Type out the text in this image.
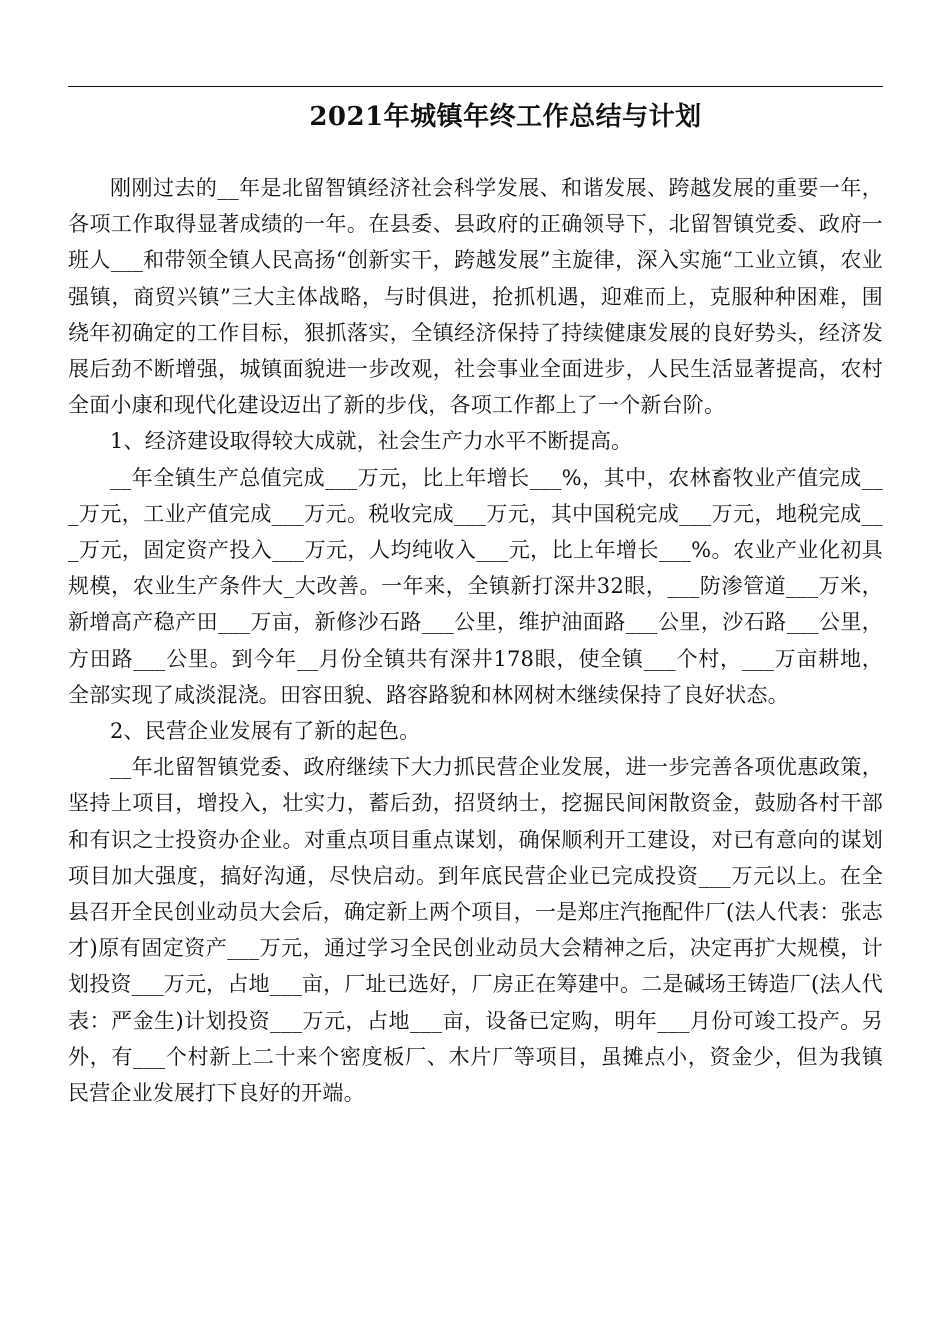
2021年城镇年终工作总结与计划

刚刚过去的__年是北留智镇经济社会科学发展、和谐发展、跨越发展的重要一年，各项工作取得显著成绩的一年。在县委、县政府的正确领导下，北留智镇党委、政府一班人___和带领全镇人民高扬“创新实干，跨越发展”主旋律，深入实施“工业立镇，农业强镇，商贸兴镇”三大主体战略，与时俱进，抢抓机遇，迎难而上，克服种种困难，围绕年初确定的工作目标，狠抓落实，全镇经济保持了持续健康发展的良好势头，经济发展后劲不断增强，城镇面貌进一步改观，社会事业全面进步，人民生活显著提高，农村全面小康和现代化建设迈出了新的步伐，各项工作都上了一个新台阶。

1、经济建设取得较大成就，社会生产力水平不断提高。

__年全镇生产总值完成___万元，比上年增长___%，其中，农林畜牧业产值完成___万元，工业产值完成___万元。税收完成___万元，其中国税完成___万元，地税完成___万元，固定资产投入___万元，人均纯收入___元，比上年增长___%。农业产业化初具规模，农业生产条件大_大改善。一年来，全镇新打深井32眼，___防渗管道___万米，新增高产稳产田___万亩，新修沙石路___公里，维护油面路___公里，沙石路___公里，方田路___公里。到今年__月份全镇共有深井178眼，使全镇___个村，___万亩耕地，全部实现了咸淡混浇。田容田貌、路容路貌和林网树木继续保持了良好状态。

2、民营企业发展有了新的起色。

__年北留智镇党委、政府继续下大力抓民营企业发展，进一步完善各项优惠政策，坚持上项目，增投入，壮实力，蓄后劲，招贤纳士，挖掘民间闲散资金，鼓励各村干部和有识之士投资办企业。对重点项目重点谋划，确保顺利开工建设，对已有意向的谋划项目加大强度，搞好沟通，尽快启动。到年底民营企业已完成投资___万元以上。在全县召开全民创业动员大会后，确定新上两个项目，一是郑庄汽拖配件厂(法人代表：张志才)原有固定资产___万元，通过学习全民创业动员大会精神之后，决定再扩大规模，计划投资___万元，占地___亩，厂址已选好，厂房正在筹建中。二是碱场王铸造厂(法人代表：严金生)计划投资___万元，占地___亩，设备已定购，明年___月份可竣工投产。另外，有___个村新上二十来个密度板厂、木片厂等项目，虽摊点小，资金少，但为我镇民营企业发展打下良好的开端。
